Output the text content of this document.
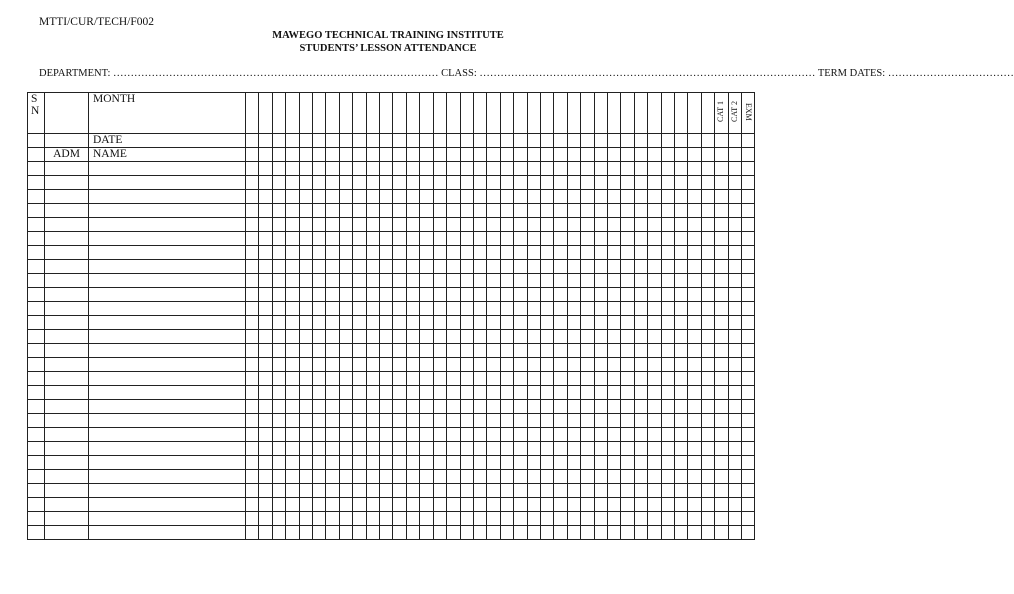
MTTI/CUR/TECH/F002
MAWEGO TECHNICAL TRAINING INSTITUTE
STUDENTS’ LESSON ATTENDANCE
DEPARTMENT: ………………………………………………………………………………… CLASS: …………………………………………………………………………………… TERM DATES: ………………………………
S N		MONTH																																				CAT 1	CAT 2	EXM
		DATE																																						
	ADM	NAME																																						
